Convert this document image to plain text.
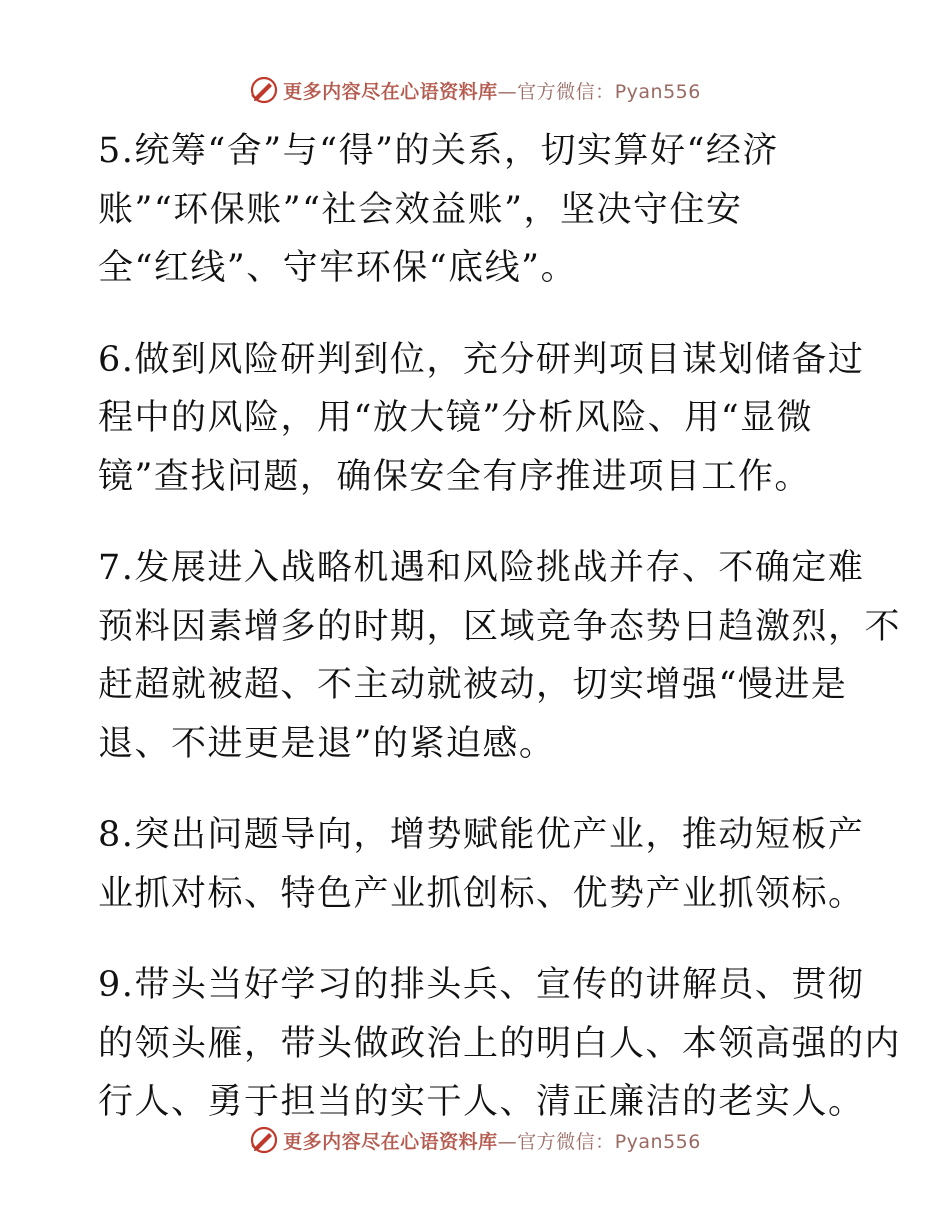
更多内容尽在心语资料库—官方微信：Pyan556

5.统筹“舍”与“得”的关系，切实算好“经济
账”“环保账”“社会效益账”，坚决守住安
全“红线”、守牢环保“底线”。

6.做到风险研判到位，充分研判项目谋划储备过
程中的风险，用“放大镜”分析风险、用“显微
镜”查找问题，确保安全有序推进项目工作。

7.发展进入战略机遇和风险挑战并存、不确定难
预料因素增多的时期，区域竞争态势日趋激烈，不
赶超就被超、不主动就被动，切实增强“慢进是
退、不进更是退”的紧迫感。

8.突出问题导向，增势赋能优产业，推动短板产
业抓对标、特色产业抓创标、优势产业抓领标。

9.带头当好学习的排头兵、宣传的讲解员、贯彻
的领头雁，带头做政治上的明白人、本领高强的内
行人、勇于担当的实干人、清正廉洁的老实人。

更多内容尽在心语资料库—官方微信：Pyan556
